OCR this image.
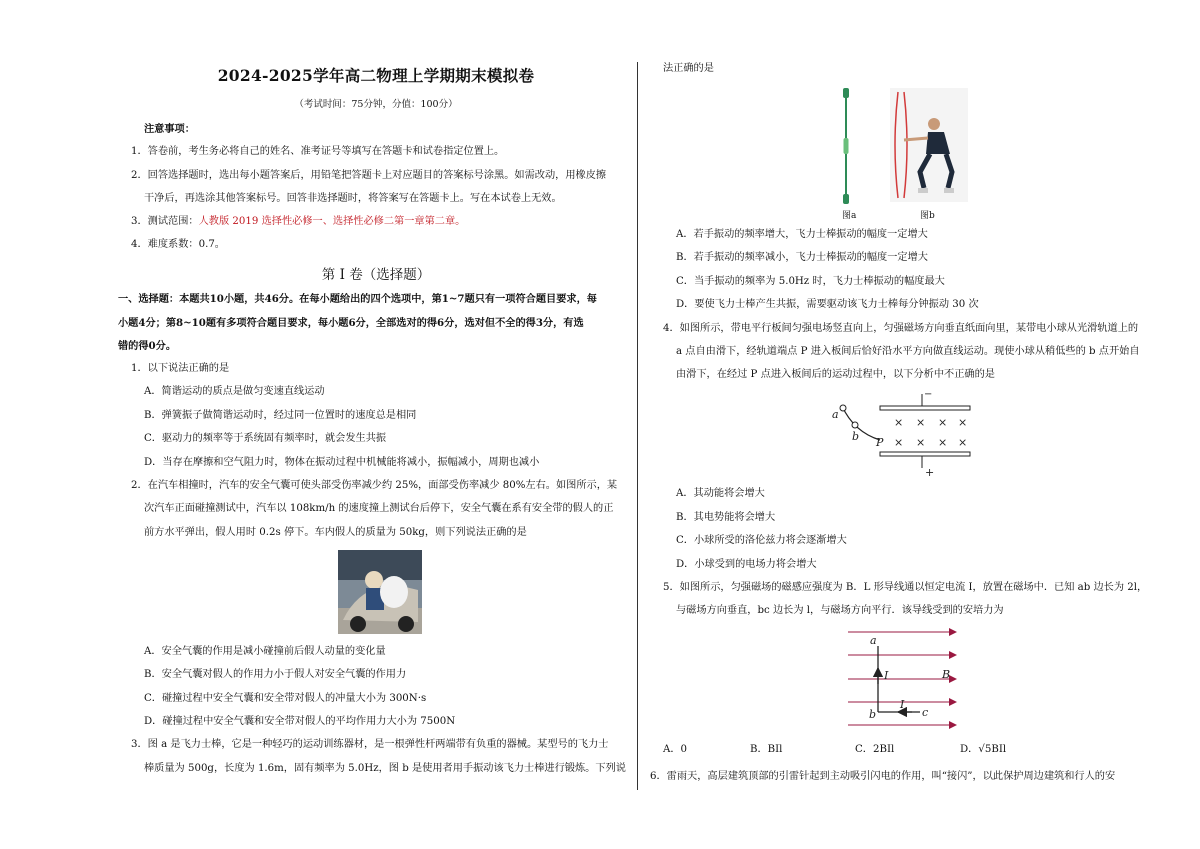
2024-2025学年高二物理上学期期末模拟卷
（考试时间：75分钟，分值：100分）
注意事项：
1．答卷前，考生务必将自己的姓名、准考证号等填写在答题卡和试卷指定位置上。
2．回答选择题时，选出每小题答案后，用铅笔把答题卡上对应题目的答案标号涂黑。如需改动，用橡皮擦
干净后，再选涂其他答案标号。回答非选择题时，将答案写在答题卡上。写在本试卷上无效。
3．测试范围：人教版 2019 选择性必修一、选择性必修二第一章第二章。
4．难度系数：0.7。
第 I 卷（选择题）
一、选择题：本题共10小题，共46分。在每小题给出的四个选项中，第1~7题只有一项符合题目要求，每
小题4分；第8~10题有多项符合题目要求，每小题6分，全部选对的得6分，选对但不全的得3分，有选
错的得0分。
1．以下说法正确的是
A．简谐运动的质点是做匀变速直线运动
B．弹簧振子做简谐运动时，经过同一位置时的速度总是相同
C．驱动力的频率等于系统固有频率时，就会发生共振
D．当存在摩擦和空气阻力时，物体在振动过程中机械能将减小，振幅减小，周期也减小
2．在汽车相撞时，汽车的安全气囊可使头部受伤率减少约 25%，面部受伤率减少 80%左右。如图所示，某
次汽车正面碰撞测试中，汽车以 108km/h 的速度撞上测试台后停下，安全气囊在系有安全带的假人的正
前方水平弹出，假人用时 0.2s 停下。车内假人的质量为 50kg，则下列说法正确的是
A．安全气囊的作用是减小碰撞前后假人动量的变化量
B．安全气囊对假人的作用力小于假人对安全气囊的作用力
C．碰撞过程中安全气囊和安全带对假人的冲量大小为 300N·s
D．碰撞过程中安全气囊和安全带对假人的平均作用力大小为 7500N
3．图 a 是飞力士棒，它是一种轻巧的运动训练器材，是一根弹性杆两端带有负重的器械。某型号的飞力士
棒质量为 500g，长度为 1.6m，固有频率为 5.0Hz，图 b 是使用者用手振动该飞力士棒进行锻炼。下列说
法正确的是
图a	图b
A．若手振动的频率增大，飞力士棒振动的幅度一定增大
B．若手振动的频率减小，飞力士棒振动的幅度一定增大
C．当手振动的频率为 5.0Hz 时，飞力士棒振动的幅度最大
D．要使飞力士棒产生共振，需要驱动该飞力士棒每分钟振动 30 次
4．如图所示，带电平行板间匀强电场竖直向上，匀强磁场方向垂直纸面向里，某带电小球从光滑轨道上的
a 点自由滑下，经轨道端点 P 进入板间后恰好沿水平方向做直线运动。现使小球从稍低些的 b 点开始自
由滑下，在经过 P 点进入板间后的运动过程中，以下分析中不正确的是
−
+
a
b P
× × × ×
× × × ×
A．其动能将会增大
B．其电势能将会增大
C．小球所受的洛伦兹力将会逐渐增大
D．小球受到的电场力将会增大
5．如图所示，匀强磁场的磁感应强度为 B．L 形导线通以恒定电流 I，放置在磁场中．已知 ab 边长为 2l，
与磁场方向垂直，bc 边长为 l，与磁场方向平行．该导线受到的安培力为
a
b	c
I
I
B
A．0	B．BIl	C．2BIl	D．√5BIl
6．雷雨天，高层建筑顶部的引雷针起到主动吸引闪电的作用，叫“接闪”，以此保护周边建筑和行人的安
